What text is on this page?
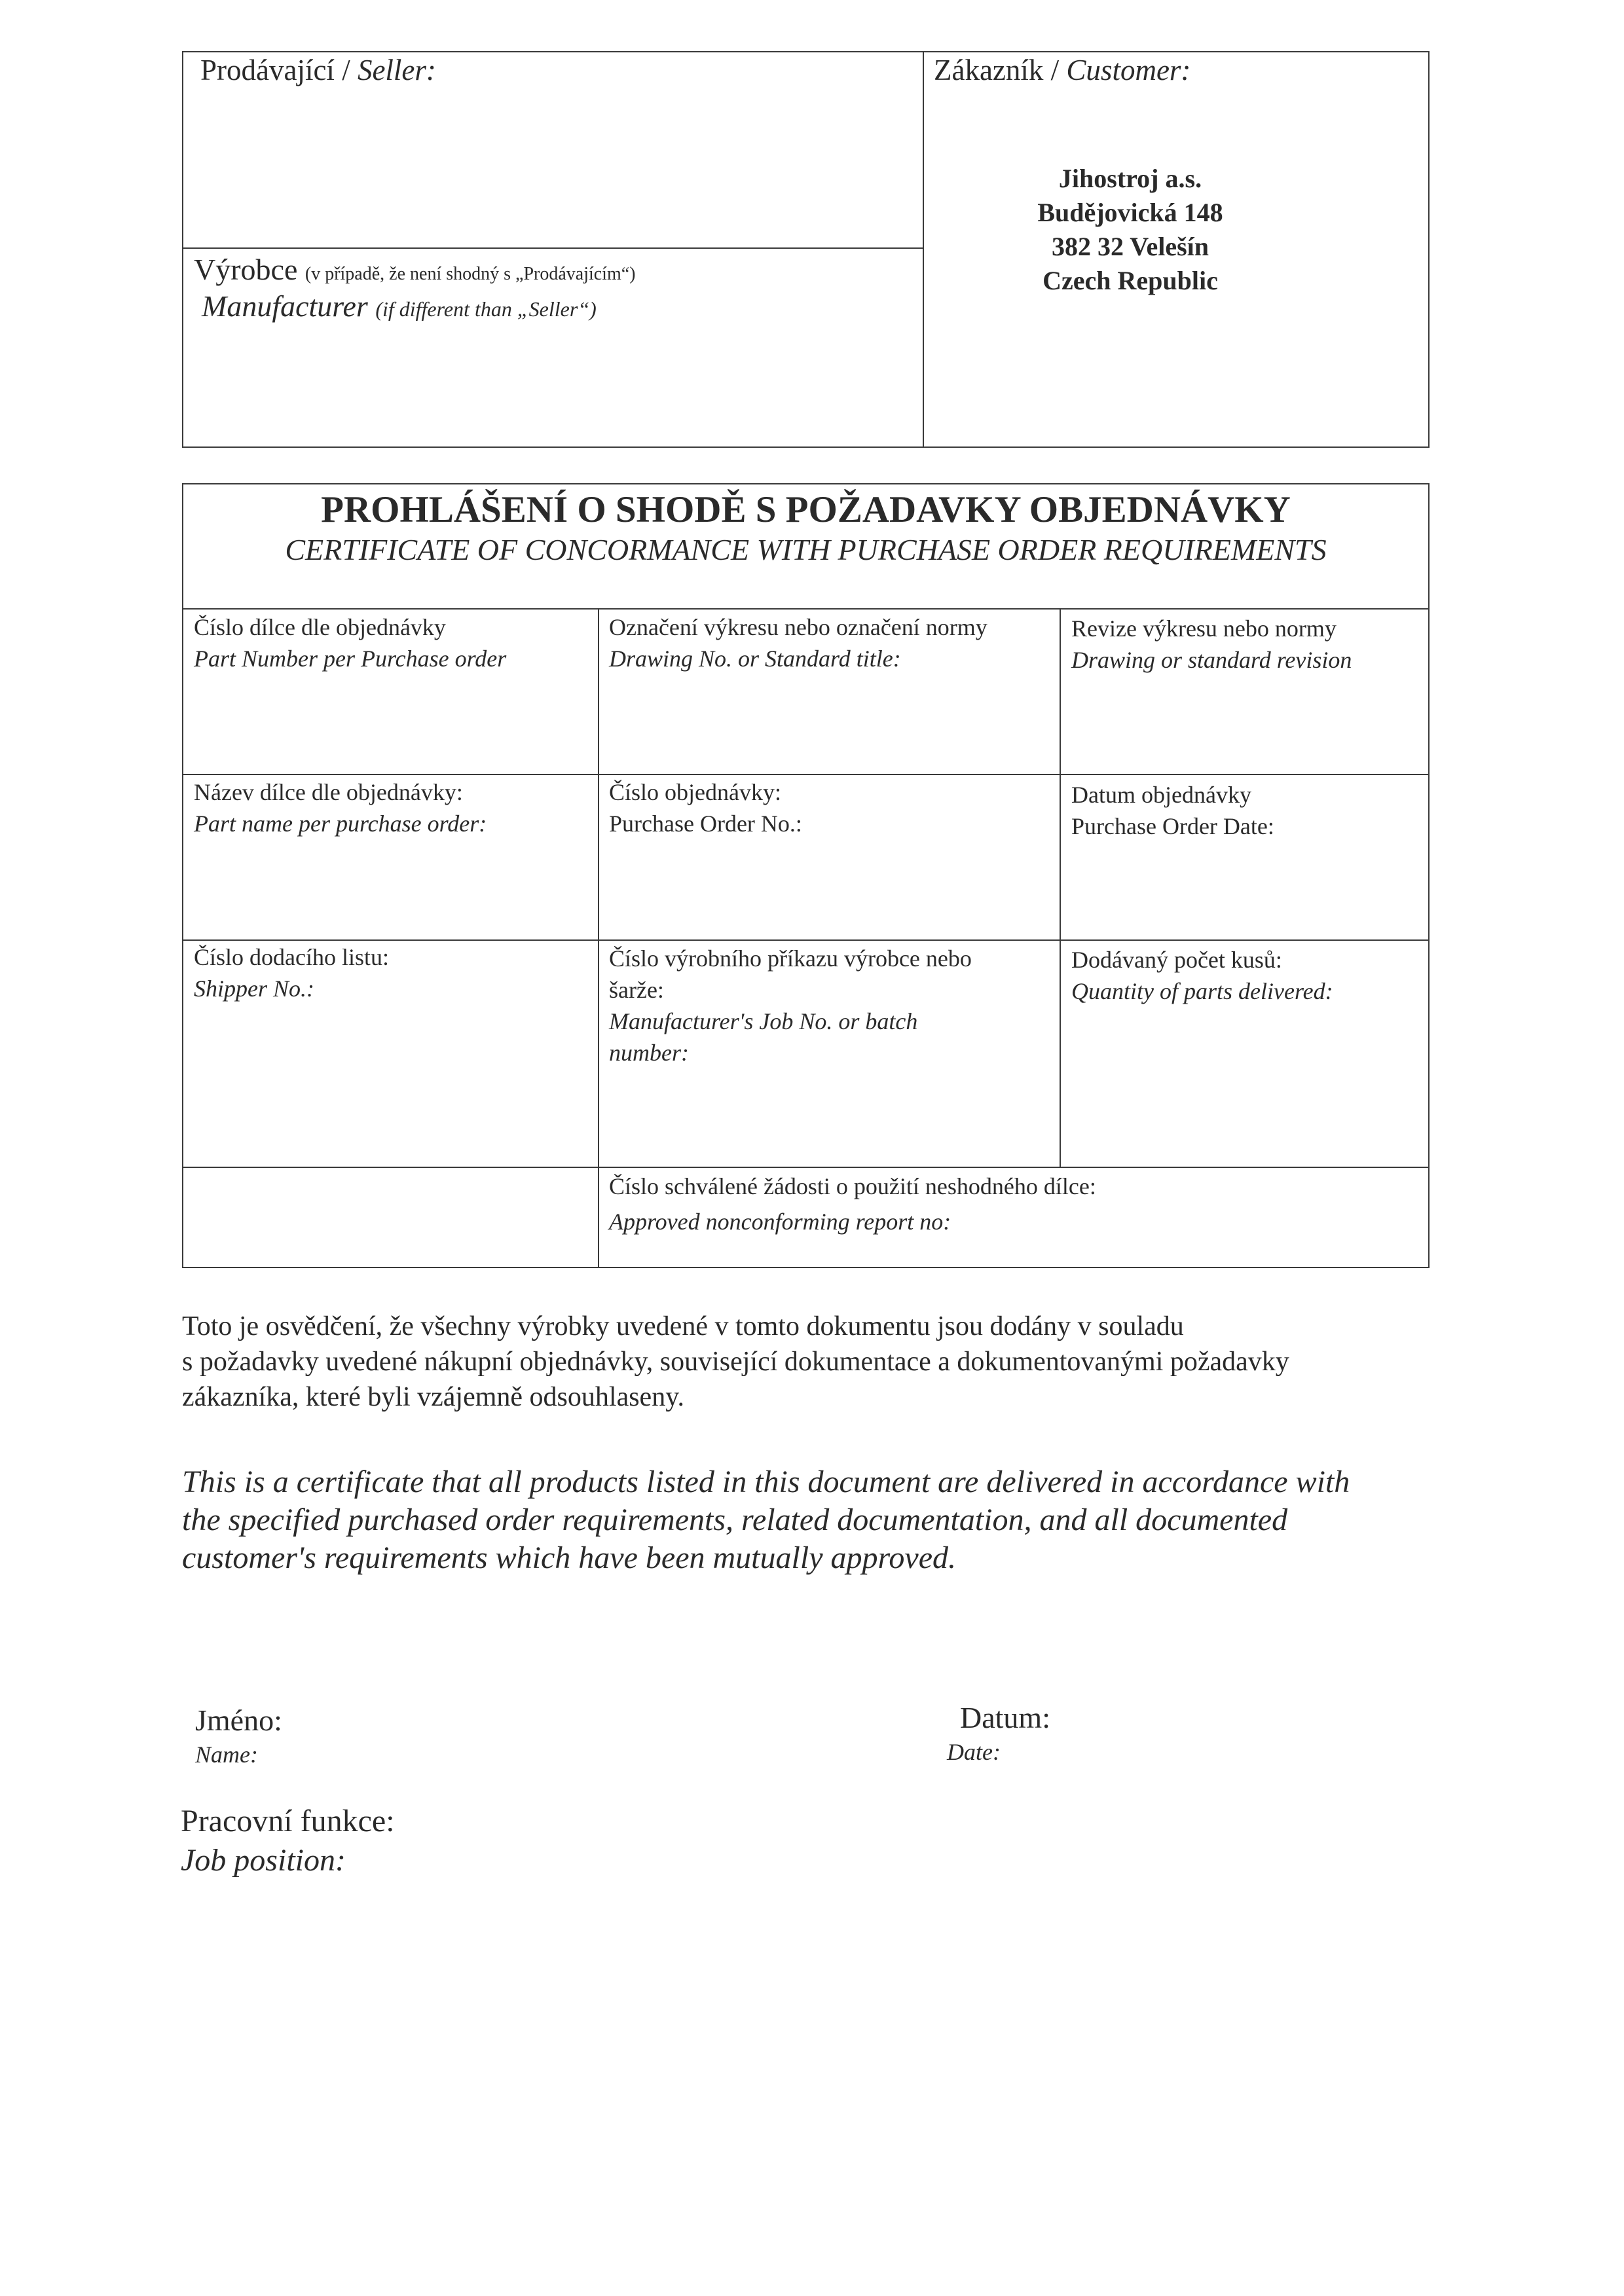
Prodávající / Seller:	Zákazník / Customer:
Výrobce (v případě, že není shodný s „Prodávajícím“)
Manufacturer (if different than „Seller“)
Jihostroj a.s.
Budějovická 148
382 32 Velešín
Czech Republic
PROHLÁŠENÍ O SHODĚ S POŽADAVKY OBJEDNÁVKY
CERTIFICATE OF CONCORMANCE WITH PURCHASE ORDER REQUIREMENTS
Číslo dílce dle objednávky
Part Number per Purchase order
Označení výkresu nebo označení normy
Drawing No. or Standard title:
Revize výkresu nebo normy
Drawing or standard revision
Název dílce dle objednávky:
Part name per purchase order:
Číslo objednávky:
Purchase Order No.:
Datum objednávky
Purchase Order Date:
Číslo dodacího listu:
Shipper No.:
Číslo výrobního příkazu výrobce nebo
šarže:
Manufacturer's Job No. or batch
number:
Dodávaný počet kusů:
Quantity of parts delivered:
Číslo schválené žádosti o použití neshodného dílce:
Approved nonconforming report no:
Toto je osvědčení, že všechny výrobky uvedené v tomto dokumentu jsou dodány v souladu
s požadavky uvedené nákupní objednávky, související dokumentace a dokumentovanými požadavky
zákazníka, které byli vzájemně odsouhlaseny.
This is a certificate that all products listed in this document are delivered in accordance with
the specified purchased order requirements, related documentation, and all documented
customer's requirements which have been mutually approved.
Jméno:
Name:
Datum:
Date:
Pracovní funkce:
Job position:
